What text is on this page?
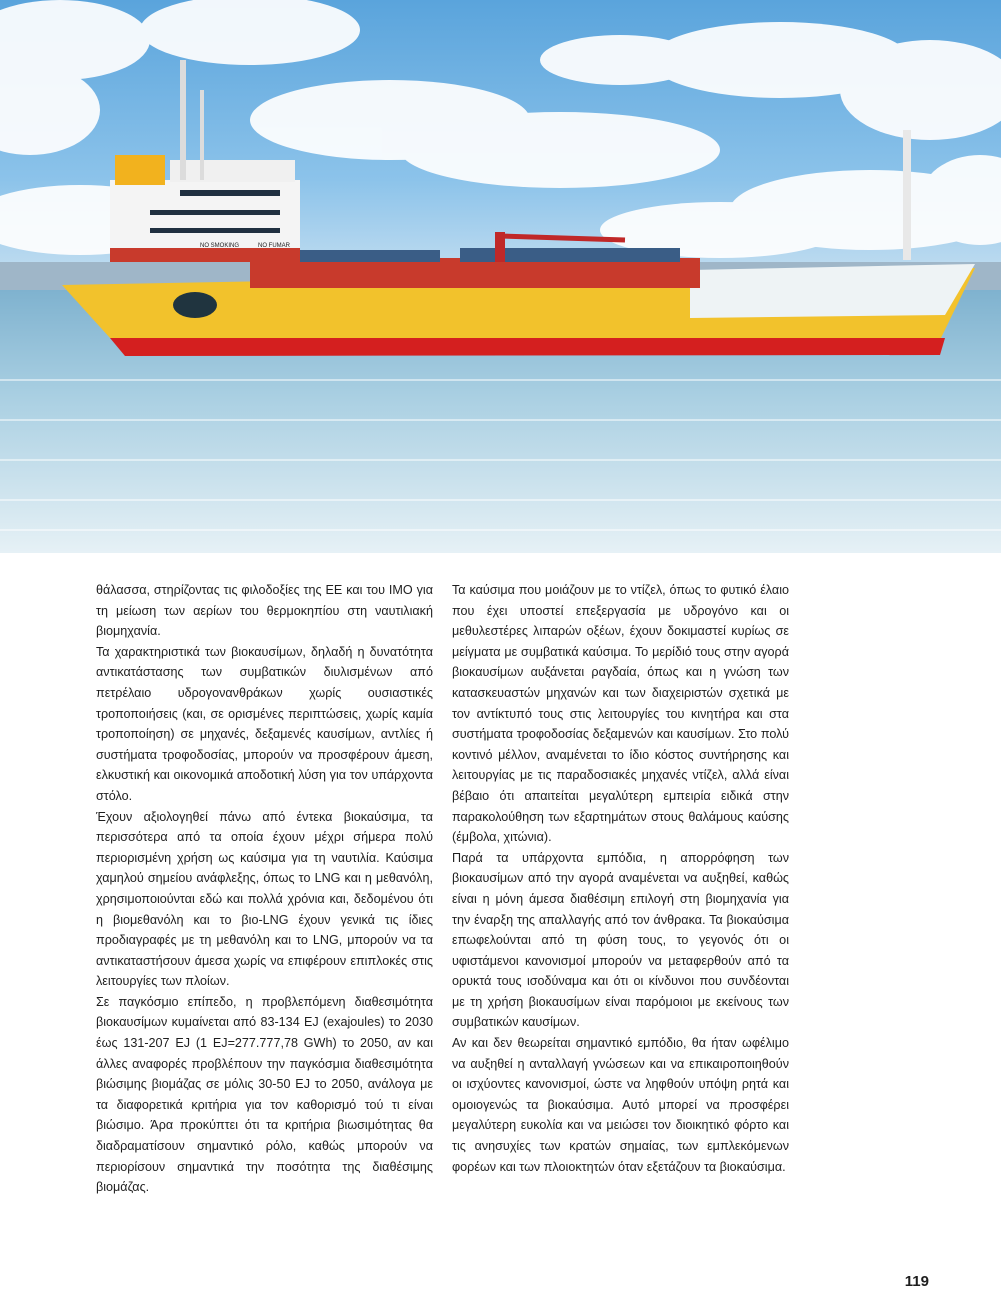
NO SMOKING	NO FUMAR

θάλασσα, στηρίζοντας τις φιλοδοξίες της ΕΕ και του IMO για τη μείωση των αερίων του θερμοκηπίου στη ναυτιλιακή βιομηχανία.

Τα χαρακτηριστικά των βιοκαυσίμων, δηλαδή η δυνατότητα αντικατάστασης των συμβατικών διυλισμένων από πετρέλαιο υδρογονανθράκων χωρίς ουσιαστικές τροποποιήσεις (και, σε ορισμένες περιπτώσεις, χωρίς καμία τροποποίηση) σε μηχανές, δεξαμενές καυσίμων, αντλίες ή συστήματα τροφοδοσίας, μπορούν να προσφέρουν άμεση, ελκυστική και οικονομικά αποδοτική λύση για τον υπάρχοντα στόλο.

Έχουν αξιολογηθεί πάνω από έντεκα βιοκαύσιμα, τα περισσότερα από τα οποία έχουν μέχρι σήμερα πολύ περιορισμένη χρήση ως καύσιμα για τη ναυτιλία. Καύσιμα χαμηλού σημείου ανάφλεξης, όπως το LNG και η μεθανόλη, χρησιμοποιούνται εδώ και πολλά χρόνια και, δεδομένου ότι η βιομεθανόλη και το βιο-LNG έχουν γενικά τις ίδιες προδιαγραφές με τη μεθανόλη και το LNG, μπορούν να τα αντικαταστήσουν άμεσα χωρίς να επιφέρουν επιπλοκές στις λειτουργίες των πλοίων.

Σε παγκόσμιο επίπεδο, η προβλεπόμενη διαθεσιμότητα βιοκαυσίμων κυμαίνεται από 83-134 EJ (exajoules) το 2030 έως 131-207 EJ (1 EJ=277.777,78 GWh) το 2050, αν και άλλες αναφορές προβλέπουν την παγκόσμια διαθεσιμότητα βιώσιμης βιομάζας σε μόλις 30-50 EJ το 2050, ανάλογα με τα διαφορετικά κριτήρια για τον καθορισμό τού τι είναι βιώσιμο. Άρα προκύπτει ότι τα κριτήρια βιωσιμότητας θα διαδραματίσουν σημαντικό ρόλο, καθώς μπορούν να περιορίσουν σημαντικά την ποσότητα της διαθέσιμης βιομάζας.

Τα καύσιμα που μοιάζουν με το ντίζελ, όπως το φυτικό έλαιο που έχει υποστεί επεξεργασία με υδρογόνο και οι μεθυλεστέρες λιπαρών οξέων, έχουν δοκιμαστεί κυρίως σε μείγματα με συμβατικά καύσιμα. Το μερίδιό τους στην αγορά βιοκαυσίμων αυξάνεται ραγδαία, όπως και η γνώση των κατασκευαστών μηχανών και των διαχειριστών σχετικά με τον αντίκτυπό τους στις λειτουργίες του κινητήρα και στα συστήματα τροφοδοσίας δεξαμενών και καυσίμων. Στο πολύ κοντινό μέλλον, αναμένεται το ίδιο κόστος συντήρησης και λειτουργίας με τις παραδοσιακές μηχανές ντίζελ, αλλά είναι βέβαιο ότι απαιτείται μεγαλύτερη εμπειρία ειδικά στην παρακολούθηση των εξαρτημάτων στους θαλάμους καύσης (έμβολα, χιτώνια).

Παρά τα υπάρχοντα εμπόδια, η απορρόφηση των βιοκαυσίμων από την αγορά αναμένεται να αυξηθεί, καθώς είναι η μόνη άμεσα διαθέσιμη επιλογή στη βιομηχανία για την έναρξη της απαλλαγής από τον άνθρακα. Τα βιοκαύσιμα επωφελούνται από τη φύση τους, το γεγονός ότι οι υφιστάμενοι κανονισμοί μπορούν να μεταφερθούν από τα ορυκτά τους ισοδύναμα και ότι οι κίνδυνοι που συνδέονται με τη χρήση βιοκαυσίμων είναι παρόμοιοι με εκείνους των συμβατικών καυσίμων.

Αν και δεν θεωρείται σημαντικό εμπόδιο, θα ήταν ωφέλιμο να αυξηθεί η ανταλλαγή γνώσεων και να επικαιροποιηθούν οι ισχύοντες κανονισμοί, ώστε να ληφθούν υπόψη ρητά και ομοιογενώς τα βιοκαύσιμα. Αυτό μπορεί να προσφέρει μεγαλύτερη ευκολία και να μειώσει τον διοικητικό φόρτο και τις ανησυχίες των κρατών σημαίας, των εμπλεκόμενων φορέων και των πλοιοκτητών όταν εξετάζουν τα βιοκαύσιμα.

119
